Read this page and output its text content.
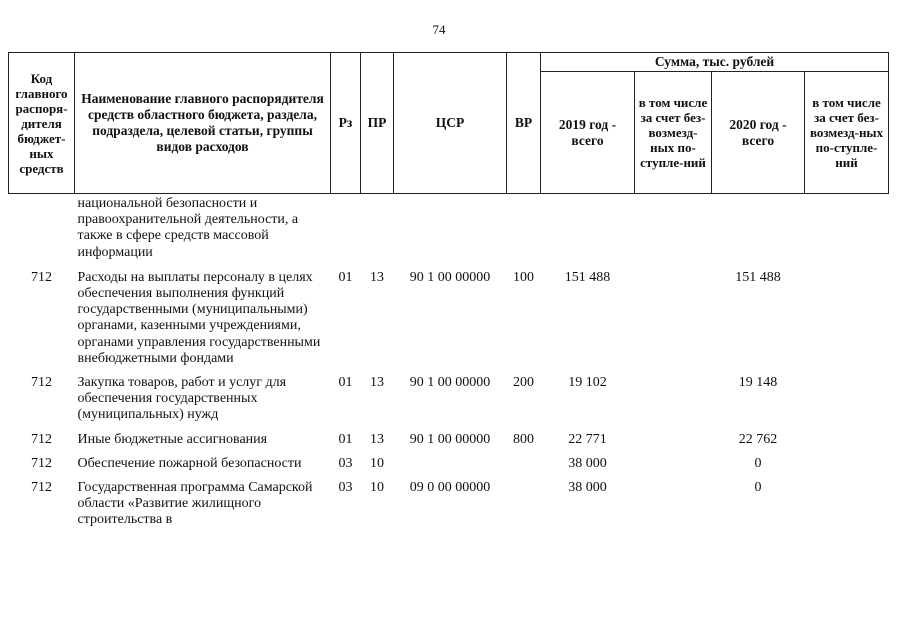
74
Код главного распоря-дителя бюджет-ных средств	Наименование главного распорядителя средств областного бюджета, раздела, подраздела, целевой статьи, группы видов расходов	Рз	ПР	ЦСР	ВР	Сумма, тыс. рублей			
						2019 год - всего	в том числе за счет без-возмезд-ных по-ступле-ний	2020 год - всего	в том числе за счет без-возмезд-ных по-ступле-ний
	национальной безопасности и правоохранительной деятельности, а также в сфере средств массовой информации								
712	Расходы на выплаты персоналу в целях обеспечения выполнения функций государственными (муниципальными) органами, казенными учреждениями, органами управления государственными внебюджетными фондами	01	13	90 1 00 00000	100	151 488		151 488	
712	Закупка товаров, работ и услуг для обеспечения государственных (муниципальных) нужд	01	13	90 1 00 00000	200	19 102		19 148	
712	Иные бюджетные ассигнования	01	13	90 1 00 00000	800	22 771		22 762	
712	Обеспечение пожарной безопасности	03	10			38 000		0	
712	Государственная программа Самарской области «Развитие жилищного строительства в	03	10	09 0 00 00000		38 000		0	
